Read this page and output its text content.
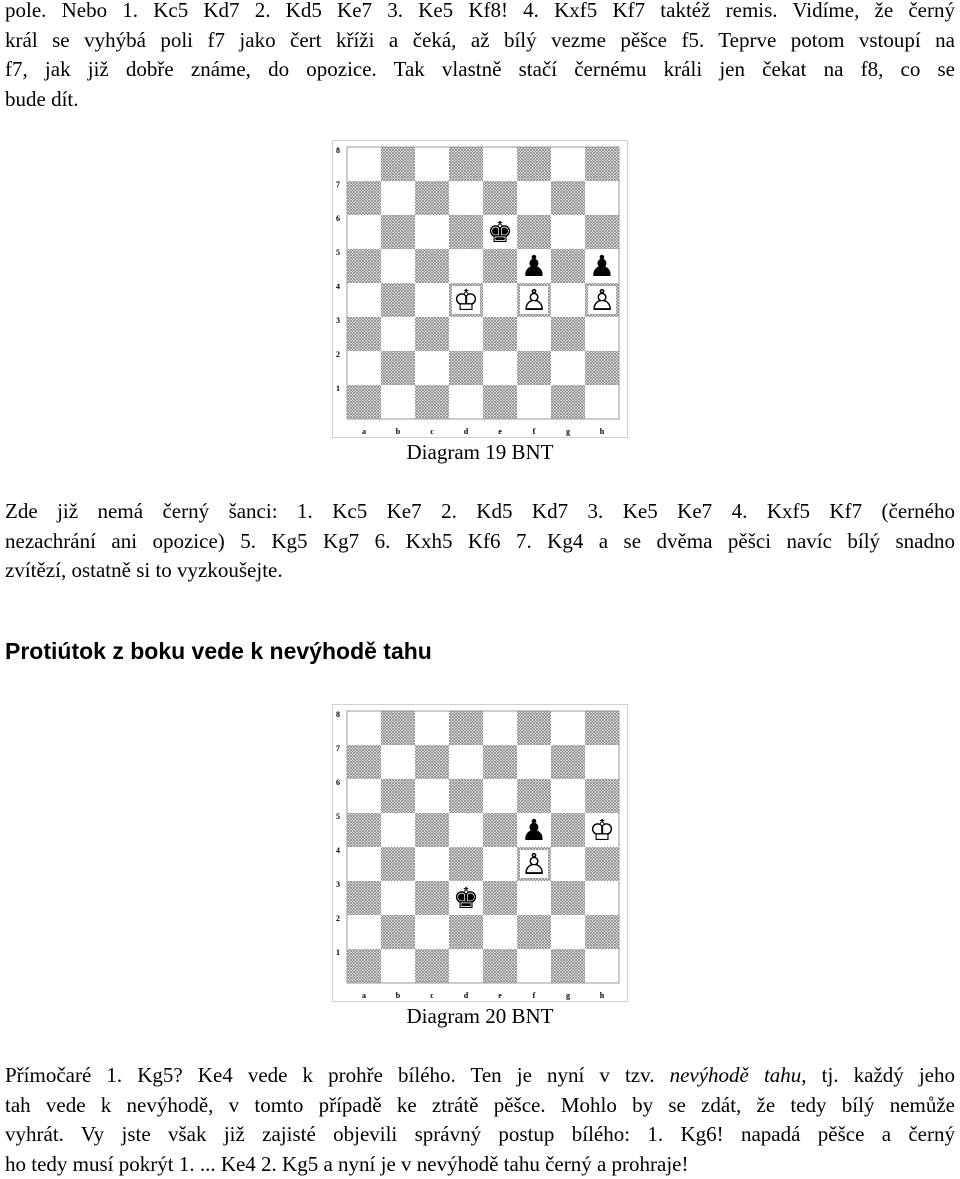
pole. Nebo 1. Kc5 Kd7 2. Kd5 Ke7 3. Ke5 Kf8! 4. Kxf5 Kf7 taktéž remis. Vidíme, že černý
král se vyhýbá poli f7 jako čert kříži a čeká, až bílý vezme pěšce f5. Teprve potom vstoupí na
f7, jak již dobře známe, do opozice. Tak vlastně stačí černému králi jen čekat na f8, co se
bude dít.
8
7
6
5
4
3
2
1
a	b	c	d	e	f	g	h
♚
♟ ♟
♔ ♙ ♙

Diagram 19 BNT

Zde již nemá černý šanci: 1. Kc5 Ke7 2. Kd5 Kd7 3. Ke5 Ke7 4. Kxf5 Kf7 (černého
nezachrání ani opozice) 5. Kg5 Kg7 6. Kxh5 Kf6 7. Kg4 a se dvěma pěšci navíc bílý snadno
zvítězí, ostatně si to vyzkoušejte.
Protiútok z boku vede k nevýhodě tahu
8
7
6
5
4
3
2
1
a	b	c	d	e	f	g	h
♟ ♔
♙
♚

Diagram 20 BNT

Přímočaré 1. Kg5? Ke4 vede k prohře bílého. Ten je nyní v tzv. nevýhodě tahu, tj. každý jeho
tah vede k nevýhodě, v tomto případě ke ztrátě pěšce. Mohlo by se zdát, že tedy bílý nemůže
vyhrát. Vy jste však již zajisté objevili správný postup bílého: 1. Kg6! napadá pěšce a černý
ho tedy musí pokrýt 1. ... Ke4 2. Kg5 a nyní je v nevýhodě tahu černý a prohraje!
